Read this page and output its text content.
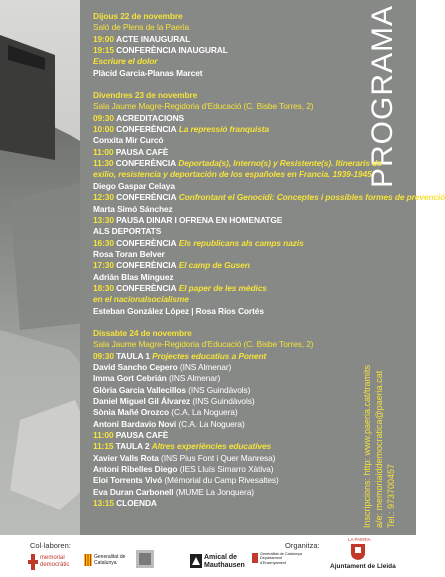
PROGRAMA
Dijous 22 de novembre
Saló de Plens de la Paeria
19:00 ACTE INAUGURAL
19:15 CONFERÈNCIA INAUGURAL
Escriure el dolor
Plàcid Garcia-Planas Marcet
Divendres 23 de novembre
Sala Jaume Magre-Regidoria d'Educació (C. Bisbe Torres, 2)
09:30 ACREDITACIONS
10:00 CONFERÈNCIA La repressió franquista
Conxita Mir Curcó
11:00 PAUSA CAFÈ
11:30 CONFERÈNCIA Deportada(s), Interno(s) y Resistente(s). Itineraris de exilio, resistencia y deportación de los españoles en Francia. 1939-1945
Diego Gaspar Celaya
12:30 CONFERÈNCIA Confrontant el Genocidi: Conceptes i possibles formes de prevenció
Marta Simó Sánchez
13:30 PAUSA DINAR I OFRENA EN HOMENATGE
ALS DEPORTATS
16:30 CONFERÈNCIA Els republicans als camps nazis
Rosa Toran Belver
17:30 CONFERÈNCIA El camp de Gusen
Adrián Blas Mínguez
18:30 CONFERÈNCIA El paper de les mèdics
en el nacionalsocialisme
Esteban González López | Rosa Ríos Cortés
Dissabte 24 de novembre
Sala Jaume Magre-Regidoria d'Educació (C. Bisbe Torres, 2)
09:30 TAULA 1 Projectes educatius a Ponent
David Sancho Cepero (INS Almenar)
Imma Gort Cebrián (INS Almenar)
Glòria Garcia Vallecillos (INS Guindàvols)
Daniel Miguel Gil Álvarez (INS Guindàvols)
Sònia Mañé Orozco (C.A. La Noguera)
Antoni Bardavio Novi (C.A. La Noguera)
11:00 PAUSA CAFÈ
11:15 TAULA 2 Altres experiències educatives
Xavier Valls Rota (INS Pius Font i Quer Manresa)
Antoni Ribelles Diego (IES Lluís Simarro Xàtiva)
Eloi Torrents Vivó (Mémorial du Camp Rivesaltes)
Eva Duran Carbonell (MUME La Jonquera)
13:15 CLOENDA	Inscripcions: http: www.paeria.cat/tramits a/e: memoriaiddemocratica@paeria.cat Tel.: 973700457
Col·laboren:	Organitza:
memorial democràtic
Generalitat de Catalunya
Amical de Mauthausen
Generalitat de Catalunya Departament d'Ensenyament
LA PAERIA
Ajuntament de Lleida
